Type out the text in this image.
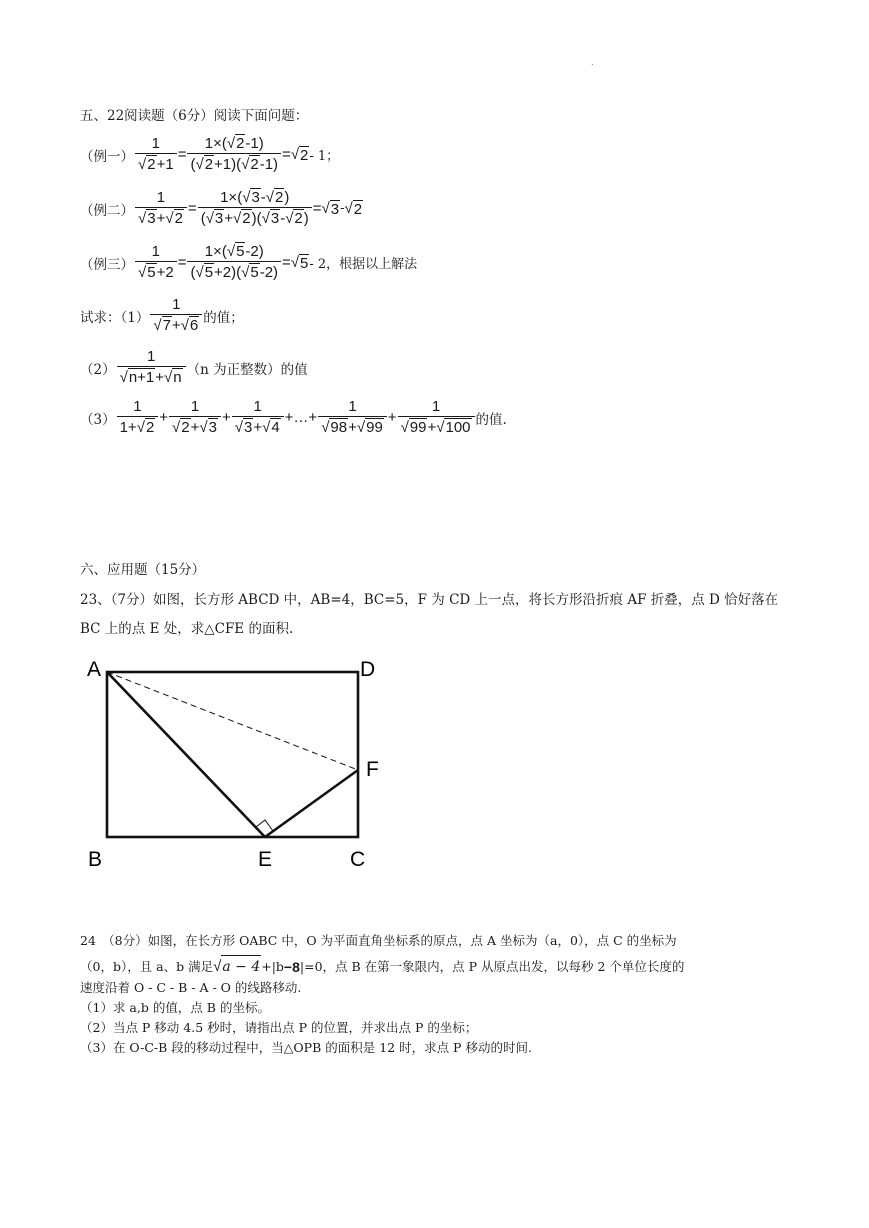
.
五、22阅读题（6分）阅读下面问题：
（例一） $\frac{1}{√2+1} = \frac{1\times(√2-1)}{(√2+1)(√2-1)}$ = √ 2 - 1；
（例二） $\frac{1}{√3+√2} = \frac{1\times(√3-√2)}{(√3+√2)(√3-√2)}$ = √ 3 - √ 2
（例三） $\frac{1}{√5+2} = \frac{1\times(√5-2)}{(√5+2)(√5-2)}$ = √ 5 - 2，根据以上解法
试求：$(1) \frac{1}{√7+√6}$ 的值；
$(2) \frac{1}{√n+1+√n} (n$ 为正整数）的值
$(3) \frac{1}{1+√2} + \frac{1}{√2+√3} + \frac{1}{√3+√4}$ +…+ $\frac{1}{√98+√99} + \frac{1}{√99+√100}$ 的值.
六、应用题（15分）
23、（7分）如图，长方形 ABCD 中，AB=4，BC=5，F 为 CD 上一点，将长方形沿折痕 AF 折叠，点 D 恰好落在
BC 上的点 E 处，求△CFE 的面积.
A	D
F
B	E	C
24　（8分）如图，在长方形 OABC 中，O 为平面直角坐标系的原点，点 A 坐标为（a，0），点 C 的坐标为
（0，b），且 a、b 满足 √ a − 4 +|b −8 |=0，点 B 在第一象限内，点 P 从原点出发，以每秒 2 个单位长度的
速度沿着 O - C - B - A - O 的线路移动.
（1）求 a,b 的值，点 B 的坐标。
（2）当点 P 移动 4.5 秒时，请指出点 P 的位置，并求出点 P 的坐标；
（3）在 O-C-B 段的移动过程中，当△OPB 的面积是 12 时，求点 P 移动的时间.
